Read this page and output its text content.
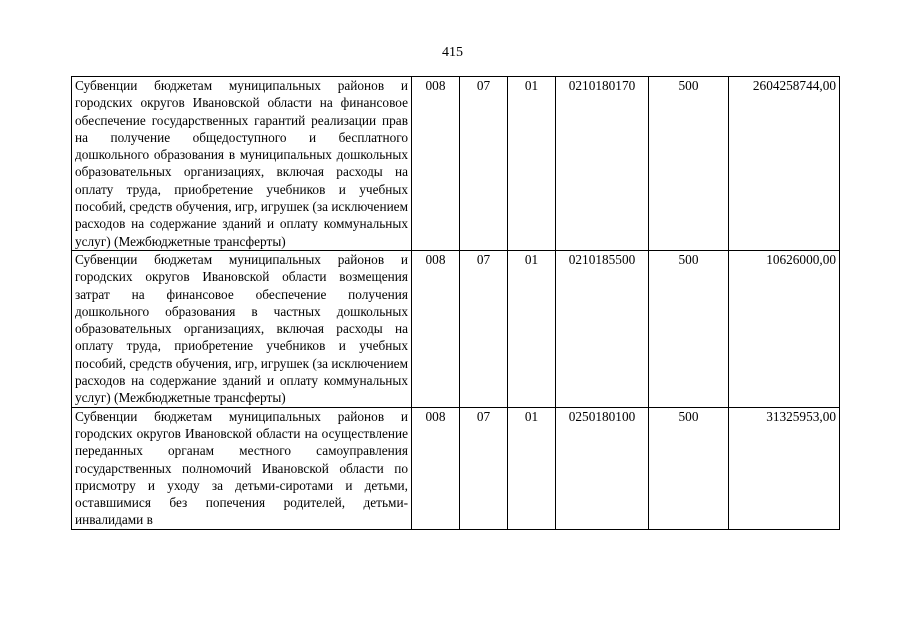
415
Субвенции бюджетам муниципальных районов и городских округов Ивановской области на финансовое обеспечение государственных гарантий реализации прав на получение общедоступного и бесплатного дошкольного образования в муниципальных дошкольных образовательных организациях, включая расходы на оплату труда, приобретение учебников и учебных пособий, средств обучения, игр, игрушек (за исключением расходов на содержание зданий и оплату коммунальных услуг) (Межбюджетные трансферты)	008	07	01	0210180170	500	2604258744,00
Субвенции бюджетам муниципальных районов и городских округов Ивановской области возмещения затрат на финансовое обеспечение получения дошкольного образования в частных дошкольных образовательных организациях, включая расходы на оплату труда, приобретение учебников и учебных пособий, средств обучения, игр, игрушек (за исключением расходов на содержание зданий и оплату коммунальных услуг) (Межбюджетные трансферты)	008	07	01	0210185500	500	10626000,00

Субвенции бюджетам муниципальных районов и городских округов Ивановской области на осуществление переданных органам местного самоуправления государственных полномочий Ивановской области по присмотру и уходу за детьми-сиротами и детьми, оставшимися без попечения родителей, детьми-инвалидами в	008	07	01	0250180100	500	31325953,00
